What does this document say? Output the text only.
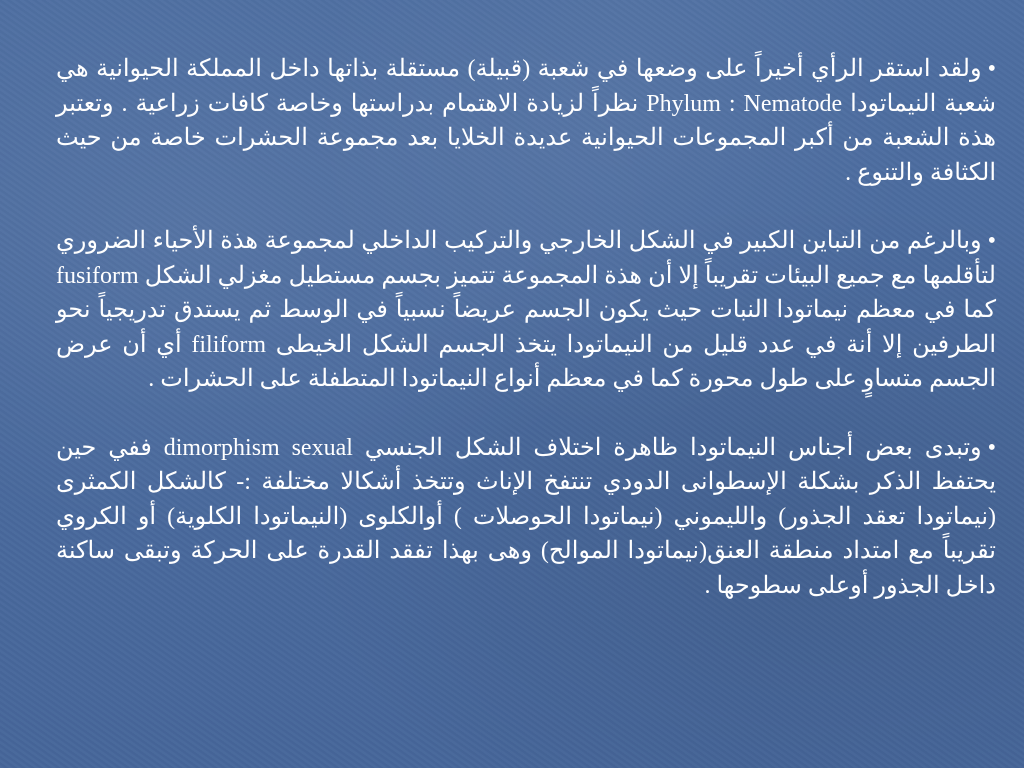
•ولقد استقر الرأي أخيراً على وضعها في شعبة (قبيلة) مستقلة بذاتها داخل المملكة الحيوانية هي شعبة النيماتودا Phylum : Nematode نظراً لزيادة الاهتمام بدراستها وخاصة كافات زراعية . وتعتبر هذة الشعبة من أكبر المجموعات الحيوانية عديدة الخلايا بعد مجموعة الحشرات خاصة من حيث الكثافة والتنوع .

•وبالرغم من التباين الكبير في الشكل الخارجي والتركيب الداخلي لمجموعة هذة الأحياء الضروري لتأقلمها مع جميع البيئات تقريباً إلا أن هذة المجموعة تتميز بجسم مستطيل مغزلي الشكل fusiform كما في معظم نيماتودا النبات حيث يكون الجسم عريضاً نسبياً في الوسط ثم يستدق تدريجياً نحو الطرفين إلا أنة في عدد قليل من النيماتودا يتخذ الجسم الشكل الخيطى filiform أي أن عرض الجسم متساوٍ على طول محورة كما في معظم أنواع النيماتودا المتطفلة على الحشرات .

•وتبدى بعض أجناس النيماتودا ظاهرة اختلاف الشكل الجنسي dimorphism sexual ففي حين يحتفظ الذكر بشكلة الإسطوانى الدودي تنتفخ الإناث وتتخذ أشكالا مختلفة :- كالشكل الكمثرى (نيماتودا تعقد الجذور) والليموني (نيماتودا الحوصلات ) أوالكلوى (النيماتودا الكلوية) أو الكروي تقريباً مع امتداد منطقة العنق(نيماتودا الموالح) وهى بهذا تفقد القدرة على الحركة وتبقى ساكنة داخل الجذور أوعلى سطوحها .
